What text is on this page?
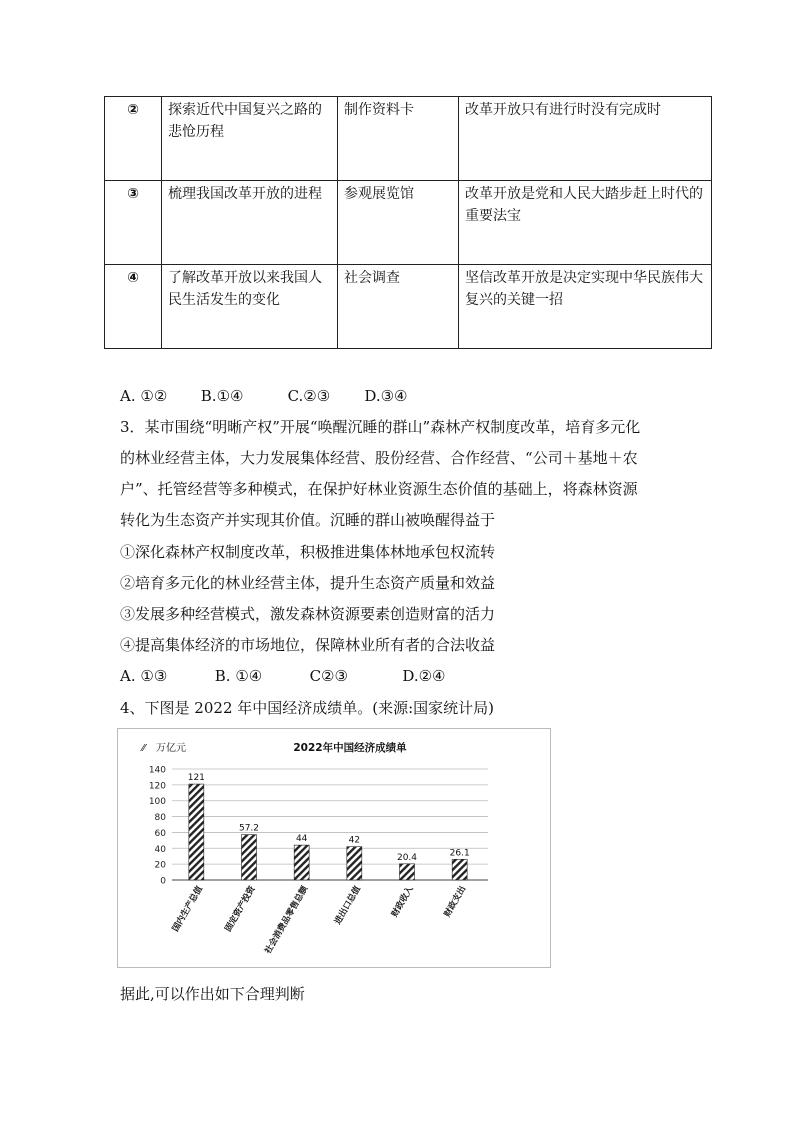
②	探索近代中国复兴之路的悲怆历程	制作资料卡	改革开放只有进行时没有完成时
③	梳理我国改革开放的进程	参观展览馆	改革开放是党和人民大踏步赶上时代的重要法宝
④	了解改革开放以来我国人民生活发生的变化	社会调查	坚信改革开放是决定实现中华民族伟大复兴的关键一招
A. ①② B.①④	C.②③ D.③④
3．某市围绕“明晰产权”开展“唤醒沉睡的群山”森林产权制度改革，培育多元化
的林业经营主体，大力发展集体经营、股份经营、合作经营、“公司＋基地＋农
户”、托管经营等多种模式，在保护好林业资源生态价值的基础上，将森林资源
转化为生态资产并实现其价值。沉睡的群山被唤醒得益于
①深化森林产权制度改革，积极推进集体林地承包权流转
②培育多元化的林业经营主体，提升生态资产质量和效益
③发展多种经营模式，激发森林资源要素创造财富的活力
④提高集体经济的市场地位，保障林业所有者的合法收益
A. ①③	B. ①④	C②③	D.②④
4、下图是 2022 年中国经济成绩单。(来源:国家统计局)
0
20
40
60
80
100
120
140
121
国内生产总值
57.2
固定资产投资
44
社会消费品零售总额
42
进出口总值
20.4
财政收入
26.1
财政支出
⁄⁄ 万亿元	2022年中国经济成绩单
据此,可以作出如下合理判断
